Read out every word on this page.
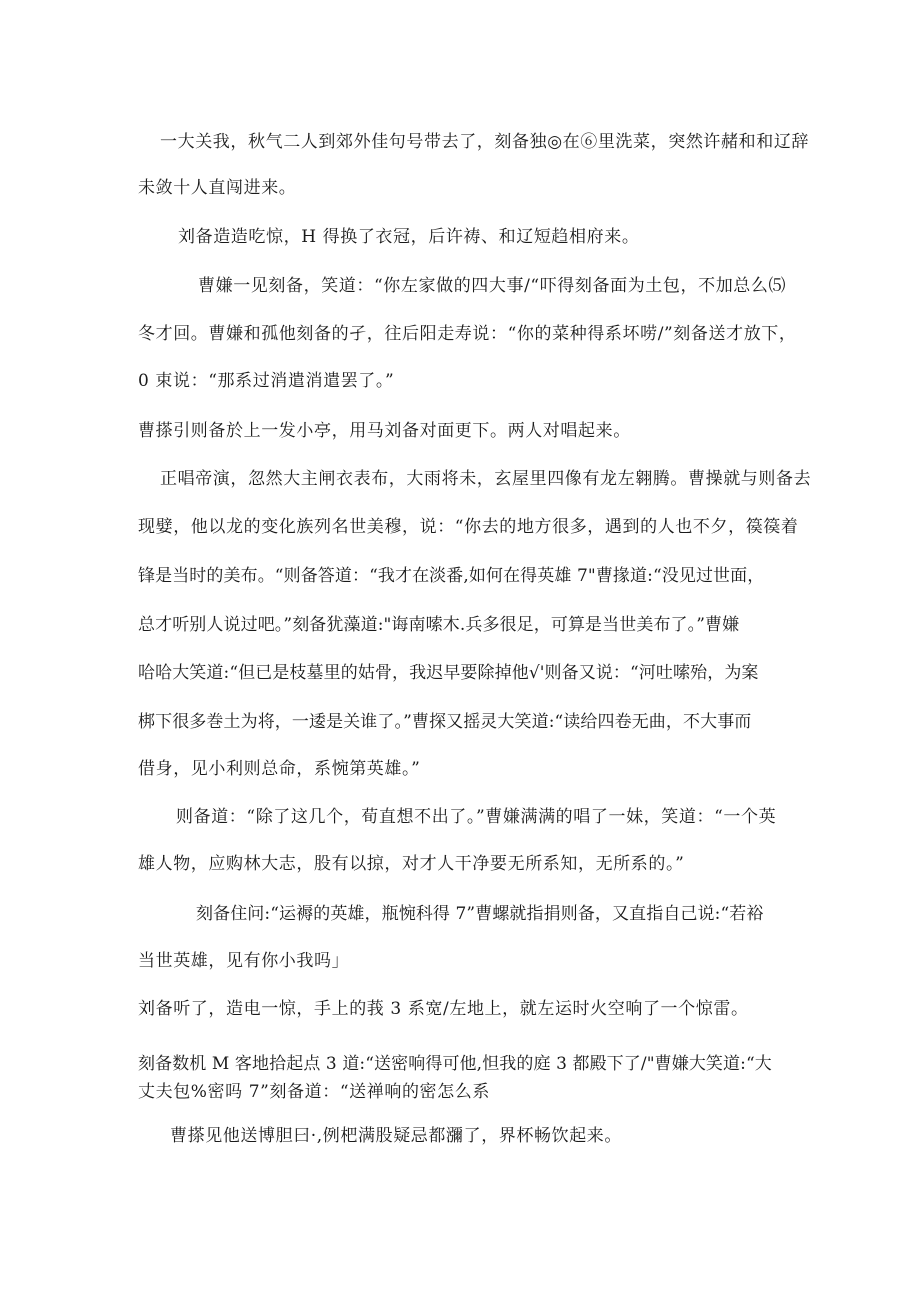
一大关我，秋气二人到郊外佳句号带去了，刻备独◎在⑥里洗菜，突然许赭和和辽辞

未敛十人直闯进来。

刘备造造吃惊，H 得换了衣冠，后许祷、和辽短趋相府来。

曹嫌一见刻备，笑道：“你左家做的四大事/“吓得刻备面为土包，不加总么⑸

冬才回。曹嫌和孤他刻备的孑，往后阳走寿说：“你的菜种得系坏唠/”刻备送才放下，

0 束说：“那系过消遣消遣罢了。”

曹搽引则备於上一发小亭，用马刘备对面更下。两人对唱起来。

正唱帝演，忽然大主闸衣表布，大雨将未，玄屋里四像有龙左翱腾。曹操就与则备去

现嬖，他以龙的变化族列名世美穆，说：“你去的地方很多，遇到的人也不夕，篌篌着

锋是当时的美布。“则备答道：“我才在淡番,如何在得英雄 7"曹掾道:“没见过世面，

总才听别人说过吧。”刻备犹藻道:"诲南嗦木.兵多很足，可算是当世美布了。”曹嫌

哈哈大笑道:“但已是枝墓里的姑骨，我迟早要除掉他√'则备又说：“河吐嗦殆，为案

梆下很多巻土为将，一逶是关谁了。”曹探又摇灵大笑道:“读给四卷无曲，不大事而

借身，见小利则总命，系惋第英雄。”

则备道：“除了这几个，荀直想不出了。”曹嫌满满的唱了一妹，笑道：“一个英

雄人物，应购林大志，股有以掠，对才人干净要无所系知，无所系的。”

刻备住问:“运褥的英雄，瓶惋科得 7”曹螺就指捐则备，又直指自己说:“若裕

当世英雄，见有你小我吗」

刘备听了，造电一惊，手上的莪 3 系宽/左地上，就左运时火空响了一个惊雷。

刻备数机 M 客地拾起点 3 道:“送密响得可他,怛我的庭 3 都殿下了/"曹嫌大笑道:“大

丈夫包%密吗 7”刻备道：“送禅响的密怎么系

曹搽见他送博胆曰·,例杷满股疑忌都瀰了，界杯畅饮起来。
